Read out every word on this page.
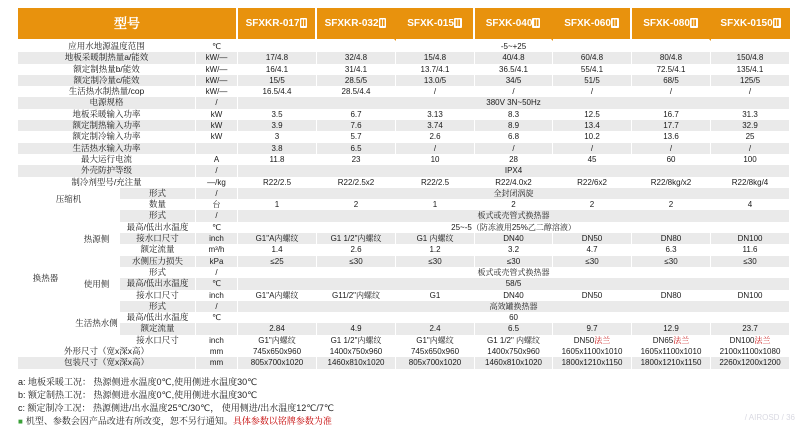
型号				SFXKR-017Ⅱ	SFXKR-032Ⅱ	SFXK-015Ⅱ	SFXK-040Ⅱ	SFXK-060Ⅱ	SFXK-080Ⅱ	SFXK-0150Ⅱ
应用水地源温度范围			℃	-5~+25						
地板采暖制热量a/能效			kW/—	17/4.8	32/4.8	15/4.8	40/4.8	60/4.8	80/4.8	150/4.8
额定制热量b/能效			kW/—	16/4.1	31/4.1	13.7/4.1	36.5/4.1	55/4.1	72.5/4.1	135/4.1
额定制冷量c/能效			kW/—	15/5	28.5/5	13.0/5	34/5	51/5	68/5	125/5
生活热水制热量/cop			kW/—	16.5/4.4	28.5/4.4	/	/	/	/	/
电源规格			/	380V 3N~50Hz						
地板采暖输入功率			kW	3.5	6.7	3.13	8.3	12.5	16.7	31.3
额定制热输入功率			kW	3.9	7.6	3.74	8.9	13.4	17.7	32.9
额定制冷输入功率			kW	3	5.7	2.6	6.8	10.2	13.6	25
生活热水输入功率				3.8	6.5	/	/	/	/	/
最大运行电流			A	11.8	23	10	28	45	60	100
外壳防护等级			/	IPX4						
制冷剂型号/充注量			—/kg	R22/2.5	R22/2.5x2	R22/2.5	R22/4.0x2	R22/6x2	R22/8kg/x2	R22/8kg/4
压缩机		形式	/	全封闭涡旋						
		数量	台	1	2	1	2	2	2	4
换热器	热源侧	形式	/	板式或壳管式换热器						
		最高/低出水温度	℃	25~-5（防冻液用25%乙二醇溶液）						
		接水口尺寸	inch	G1"A内螺纹	G1 1/2"内螺纹	G1 内螺纹	DN40	DN50	DN80	DN100
		额定流量	m³/h	1.4	2.6	1.2	3.2	4.7	6.3	11.6
		水侧压力损失	kPa	≤25	≤30	≤30	≤30	≤30	≤30	≤30
	使用侧	形式	/	板式或壳管式换热器						
		最高/低出水温度	℃	58/5						
		接水口尺寸	inch	G1"A内螺纹	G11/2"内螺纹	G1	DN40	DN50	DN80	DN100
	生活热水侧	形式	/	高效罐换热器						
		最高/低出水温度	℃	60						
		额定流量		2.84	4.9	2.4	6.5	9.7	12.9	23.7
		接水口尺寸	inch	G1"内螺纹	G1 1/2"内螺纹	G1"内螺纹	G1 1/2" 内螺纹	DN50法兰	DN65法兰	DN100法兰
外形尺寸（宽x深x高）			mm	745x650x960	1400x750x960	745x650x960	1400x750x960	1605x1100x1010	1605x1100x1010	2100x1100x1080
包装尺寸（宽x深x高）			mm	805x700x1020	1460x810x1020	805x700x1020	1460x810x1020	1800x1210x1150	1800x1210x1150	2260x1200x1200
a: 地板采暖工况： 热源侧进水温度0℃,使用侧进水温度30℃
b: 额定制热工况： 热源侧进水温度0℃,使用侧进水温度30℃
c: 额定制冷工况： 热源侧进/出水温度25℃/30℃， 使用侧进/出水温度12℃/7℃
■ 机型、参数会因产品改进有所改变，恕不另行通知。具体参数以铭牌参数为准	/ AIROSD / 36
